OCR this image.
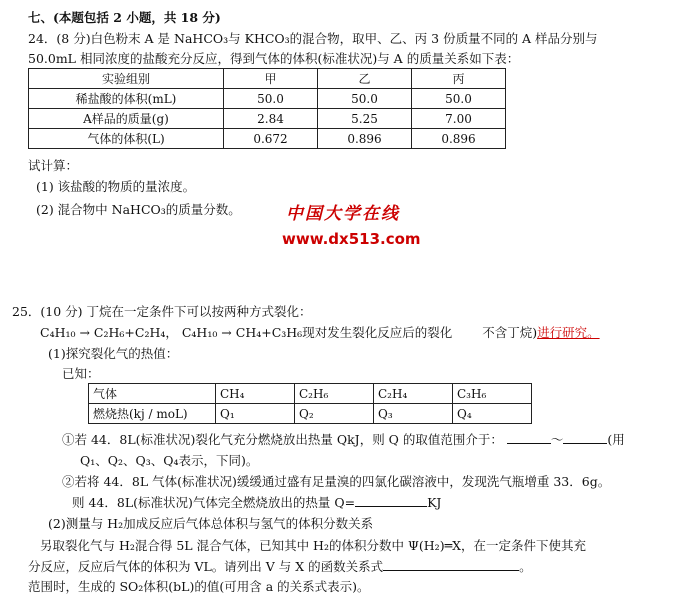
七、(本题包括 2 小题，共 18 分)
24．(8 分)白色粉末 A 是 NaHCO₃与 KHCO₃的混合物，取甲、乙、丙 3 份质量不同的 A 样品分别与
50.0mL 相同浓度的盐酸充分反应，得到气体的体积(标准状况)与 A 的质量关系如下表：
实验组别	甲	乙	丙
稀盐酸的体积(mL)	50.0	50.0	50.0
A样品的质量(g)	2.84	5.25	7.00
气体的体积(L)	0.672	0.896	0.896
试计算：
(1) 该盐酸的物质的量浓度。
(2) 混合物中 NaHCO₃的质量分数。	中国大学在线
www.dx513.com
25．(10 分) 丁烷在一定条件下可以按两种方式裂化：
C₄H₁₀ → C₂H₆+C₂H₄， C₄H₁₀ → CH₄+C₃H₆现对发生裂化反应后的裂化 不含丁烷)进行研究。
(1)探究裂化气的热值：
已知：
气体	CH₄	C₂H₆	C₂H₄	C₃H₆
燃烧热(kj / moL)	Q₁	Q₂	Q₃	Q₄
①若 44．8L(标准状况)裂化气充分燃烧放出热量 QkJ，则 Q 的取值范围介于：	～	(用
Q₁、Q₂、Q₃、Q₄表示，下同)。
②若将 44．8L 气体(标准状况)缓缓通过盛有足量溴的四氯化碳溶液中，发现洗气瓶增重 33．6g。
则 44．8L(标准状况)气体完全燃烧放出的热量 Q=	KJ
(2)测量与 H₂加成反应后气体总体积与氢气的体积分数关系
另取裂化气与 H₂混合得 5L 混合气体，已知其中 H₂的体积分数中 Ψ(H₂)═X，在一定条件下使其充
分反应，反应后气体的体积为 VL。请列出 V 与 X 的函数关系式	。
范围时，生成的 SO₂体积(bL)的值(可用含 a 的关系式表示)。
